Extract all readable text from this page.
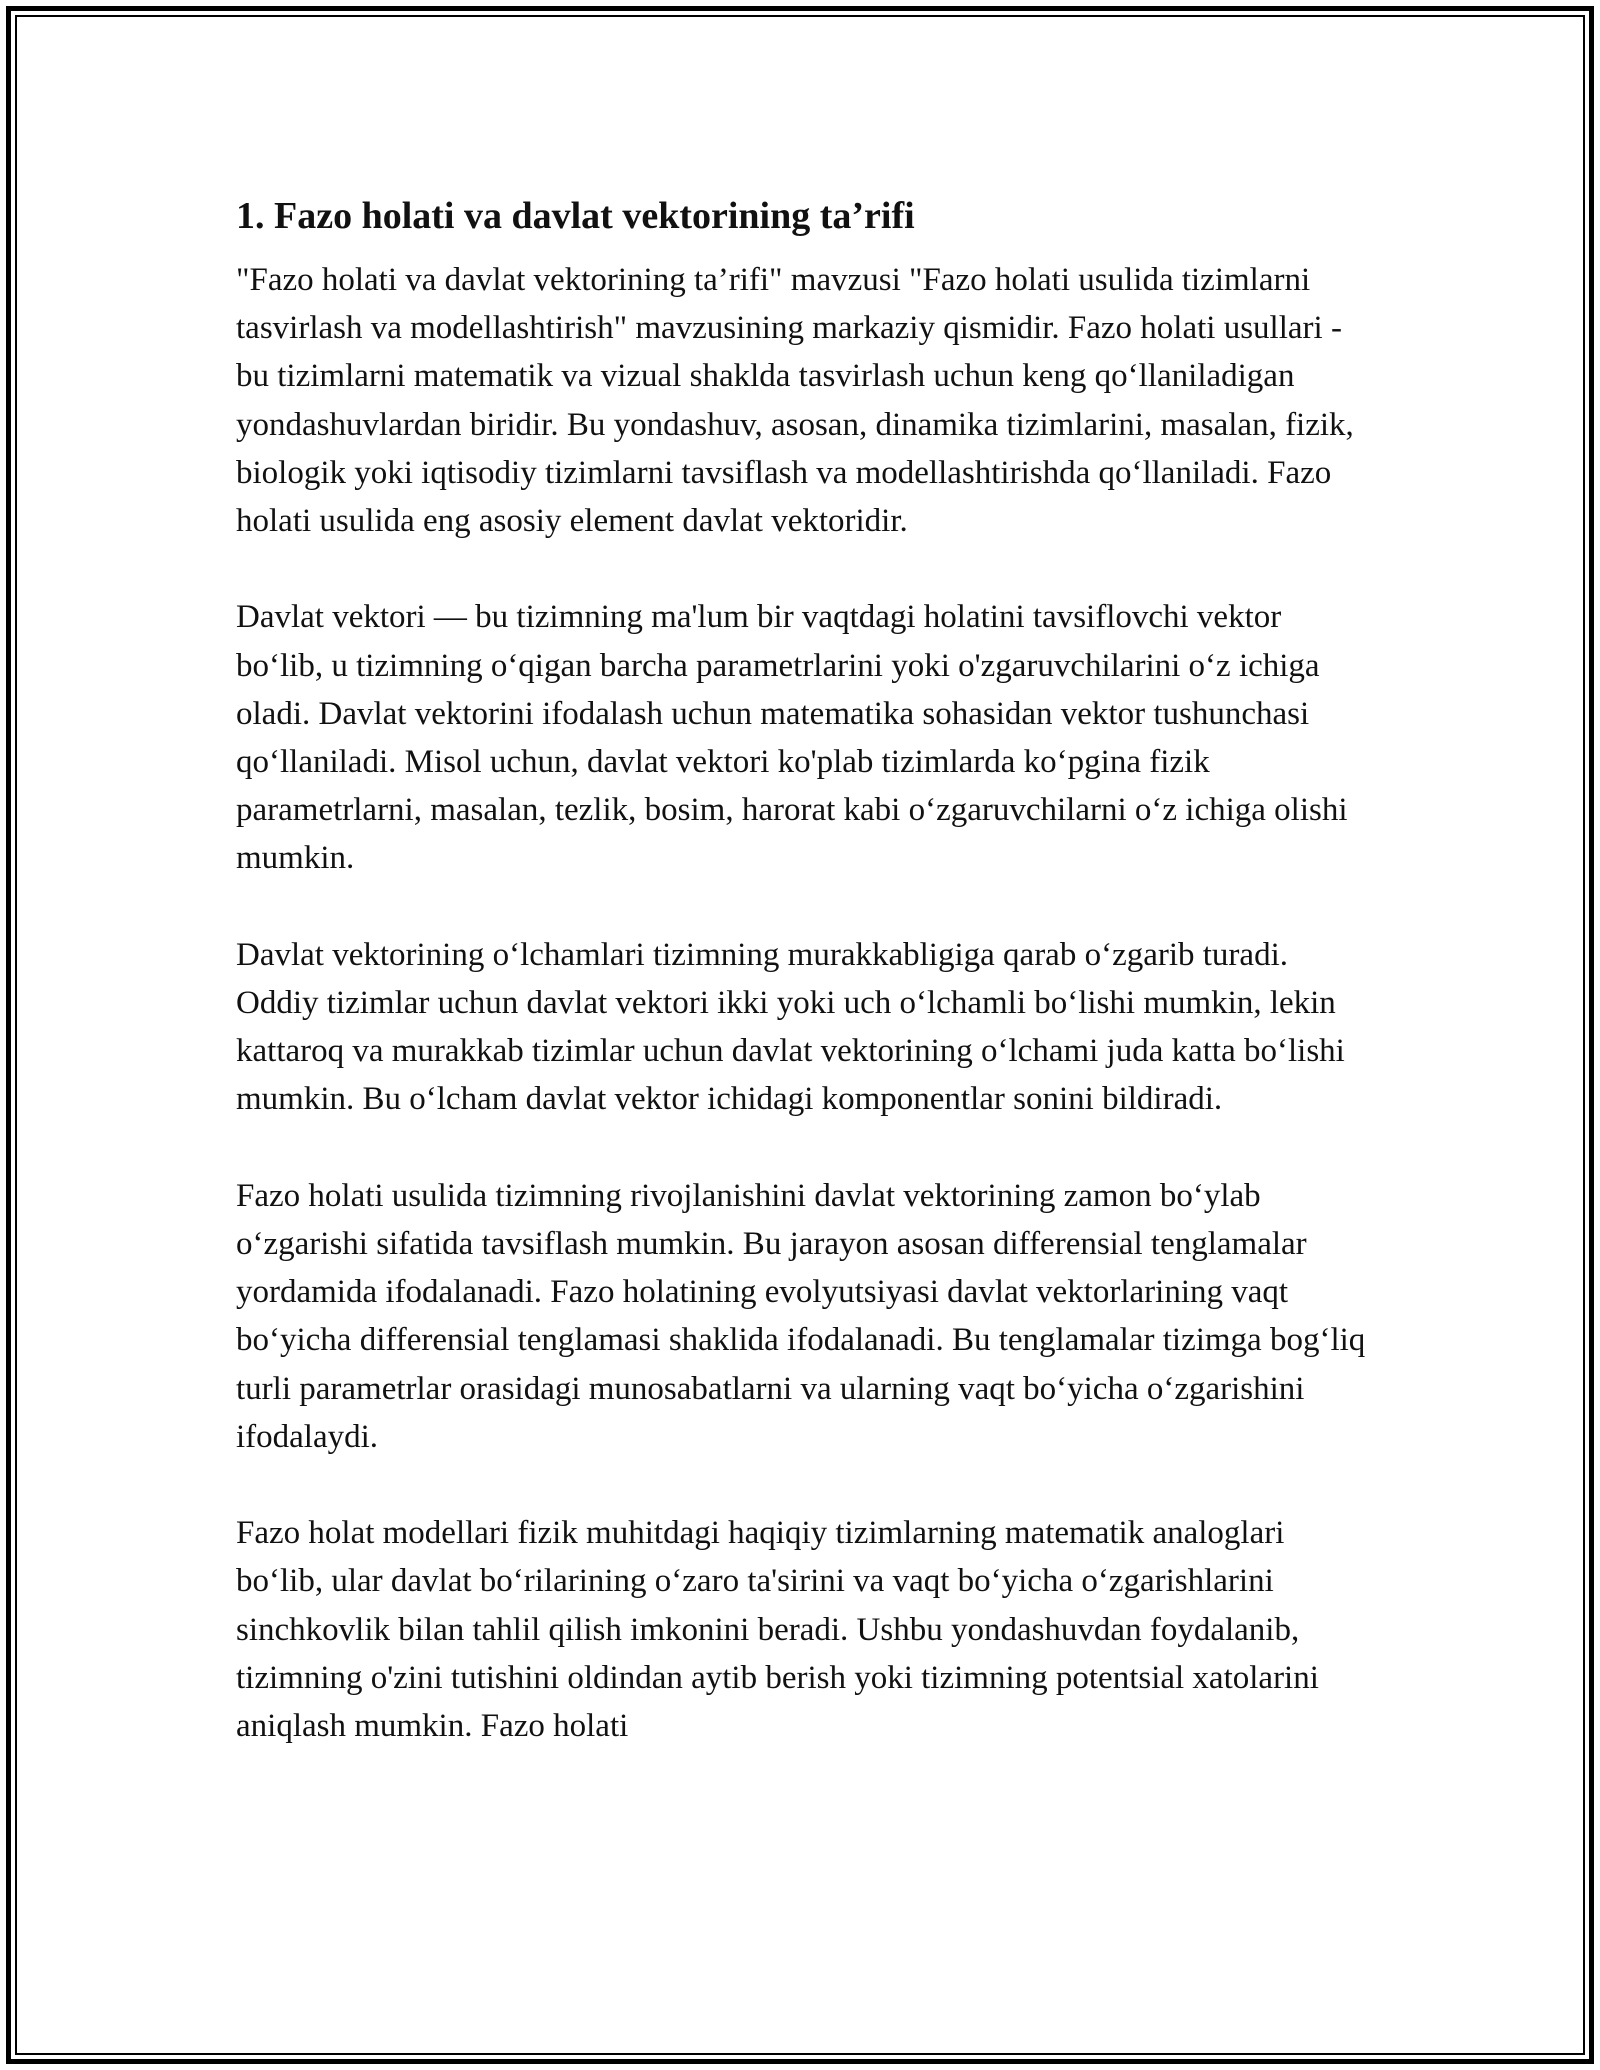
1. Fazo holati va davlat vektorining ta’rifi

"Fazo holati va davlat vektorining ta’rifi" mavzusi "Fazo holati usulida tizimlarni tasvirlash va modellashtirish" mavzusining markaziy qismidir. Fazo holati usullari - bu tizimlarni matematik va vizual shaklda tasvirlash uchun keng qo‘llaniladigan yondashuvlardan biridir. Bu yondashuv, asosan, dinamika tizimlarini, masalan, fizik, biologik yoki iqtisodiy tizimlarni tavsiflash va modellashtirishda qo‘llaniladi. Fazo holati usulida eng asosiy element davlat vektoridir.

Davlat vektori — bu tizimning ma'lum bir vaqtdagi holatini tavsiflovchi vektor bo‘lib, u tizimning o‘qigan barcha parametrlarini yoki o'zgaruvchilarini o‘z ichiga oladi. Davlat vektorini ifodalash uchun matematika sohasidan vektor tushunchasi qo‘llaniladi. Misol uchun, davlat vektori ko'plab tizimlarda ko‘pgina fizik parametrlarni, masalan, tezlik, bosim, harorat kabi o‘zgaruvchilarni o‘z ichiga olishi mumkin.

Davlat vektorining o‘lchamlari tizimning murakkabligiga qarab o‘zgarib turadi. Oddiy tizimlar uchun davlat vektori ikki yoki uch o‘lchamli bo‘lishi mumkin, lekin kattaroq va murakkab tizimlar uchun davlat vektorining o‘lchami juda katta bo‘lishi mumkin. Bu o‘lcham davlat vektor ichidagi komponentlar sonini bildiradi.

Fazo holati usulida tizimning rivojlanishini davlat vektorining zamon bo‘ylab o‘zgarishi sifatida tavsiflash mumkin. Bu jarayon asosan differensial tenglamalar yordamida ifodalanadi. Fazo holatining evolyutsiyasi davlat vektorlarining vaqt bo‘yicha differensial tenglamasi shaklida ifodalanadi. Bu tenglamalar tizimga bog‘liq turli parametrlar orasidagi munosabatlarni va ularning vaqt bo‘yicha o‘zgarishini ifodalaydi.

Fazo holat modellari fizik muhitdagi haqiqiy tizimlarning matematik analoglari bo‘lib, ular davlat bo‘rilarining o‘zaro ta'sirini va vaqt bo‘yicha o‘zgarishlarini sinchkovlik bilan tahlil qilish imkonini beradi. Ushbu yondashuvdan foydalanib, tizimning o'zini tutishini oldindan aytib berish yoki tizimning potentsial xatolarini aniqlash mumkin. Fazo holati
